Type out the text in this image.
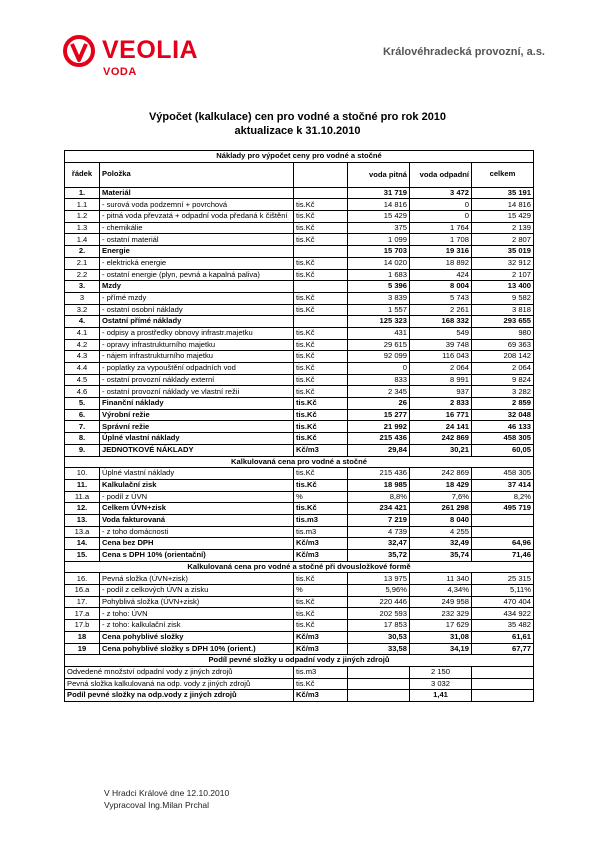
VEOLIA
VODA
Královéhradecká provozní, a.s.
Výpočet (kalkulace) cen pro vodné a stočné pro rok 2010
aktualizace k 31.10.2010
Náklady pro výpočet ceny pro vodné a stočné					
řádek	Položka		voda pitná	voda odpadní	celkem
1.	Materiál		31 719	3 472	35 191
1.1	- surová voda podzemní + povrchová	tis.Kč	14 816	0	14 816
1.2	- pitná voda převzatá + odpadní voda předaná k čištění	tis.Kč	15 429	0	15 429
1.3	- chemikálie	tis.Kč	375	1 764	2 139
1.4	- ostatní materiál	tis.Kč	1 099	1 708	2 807
2.	Energie		15 703	19 316	35 019
2.1	- elektrická energie	tis.Kč	14 020	18 892	32 912
2.2	- ostatní energie (plyn, pevná a kapalná paliva)	tis.Kč	1 683	424	2 107
3.	Mzdy		5 396	8 004	13 400
3	- přímé mzdy	tis.Kč	3 839	5 743	9 582
3.2	- ostatní osobní náklady	tis.Kč	1 557	2 261	3 818
4.	Ostatní přímé náklady		125 323	168 332	293 655
4.1	- odpisy a prostředky obnovy infrastr.majetku	tis.Kč	431	549	980
4.2	- opravy infrastrukturního majetku	tis.Kč	29 615	39 748	69 363
4.3	- nájem infrastrukturního majetku	tis.Kč	92 099	116 043	208 142
4.4	- poplatky za vypouštění odpadních vod	tis.Kč	0	2 064	2 064
4.5	- ostatní provozní náklady externí	tis.Kč	833	8 991	9 824
4.6	- ostatní provozní náklady ve vlastní režii	tis.Kč	2 345	937	3 282
5.	Finanční náklady	tis.Kč	26	2 833	2 859
6.	Výrobní režie	tis.Kč	15 277	16 771	32 048
7.	Správní režie	tis.Kč	21 992	24 141	46 133
8.	Úplné vlastní náklady	tis.Kč	215 436	242 869	458 305
9.	JEDNOTKOVÉ NÁKLADY	Kč/m3	29,84	30,21	60,05
Kalkulovaná cena pro vodné a stočné					
10.	Úplné vlastní náklady	tis.Kč	215 436	242 869	458 305
11.	Kalkulační zisk	tis.Kč	18 985	18 429	37 414
11.a	- podíl z ÚVN	%	8,8%	7,6%	8,2%
12.	Celkem ÚVN+zisk	tis.Kč	234 421	261 298	495 719
13.	Voda fakturovaná	tis.m3	7 219	8 040	
13.a	- z toho domácnosti	tis.m3	4 739	4 255	
14.	Cena bez DPH	Kč/m3	32,47	32,49	64,96
15.	Cena s DPH 10% (orientační)	Kč/m3	35,72	35,74	71,46
Kalkulovaná cena pro vodné a stočné při dvousložkové formě					
16.	Pevná složka (ÚVN+zisk)	tis.Kč	13 975	11 340	25 315
16.a	- podíl z celkových ÚVN a zisku	%	5,96%	4,34%	5,11%
17.	Pohyblivá složka (ÚVN+zisk)	tis.Kč	220 446	249 958	470 404
17.a	- z toho: ÚVN	tis.Kč	202 593	232 329	434 922
17.b	- z toho: kalkulační zisk	tis.Kč	17 853	17 629	35 482
18	Cena pohyblivé složky	Kč/m3	30,53	31,08	61,61
19	Cena pohyblivé složky s DPH 10% (orient.)	Kč/m3	33,58	34,19	67,77
Podíl pevné složky u odpadní vody z jiných zdrojů					
Odvedené množství odpadní vody z jiných zdrojů		tis.m3		2 150	
Pevná složka kalkulovaná na odp. vody z jiných zdrojů		tis.Kč		3 032	
Podíl pevné složky na odp.vody z jiných zdrojů		Kč/m3		1,41	
V Hradci Králové dne 12.10.2010
Vypracoval Ing.Milan Prchal
